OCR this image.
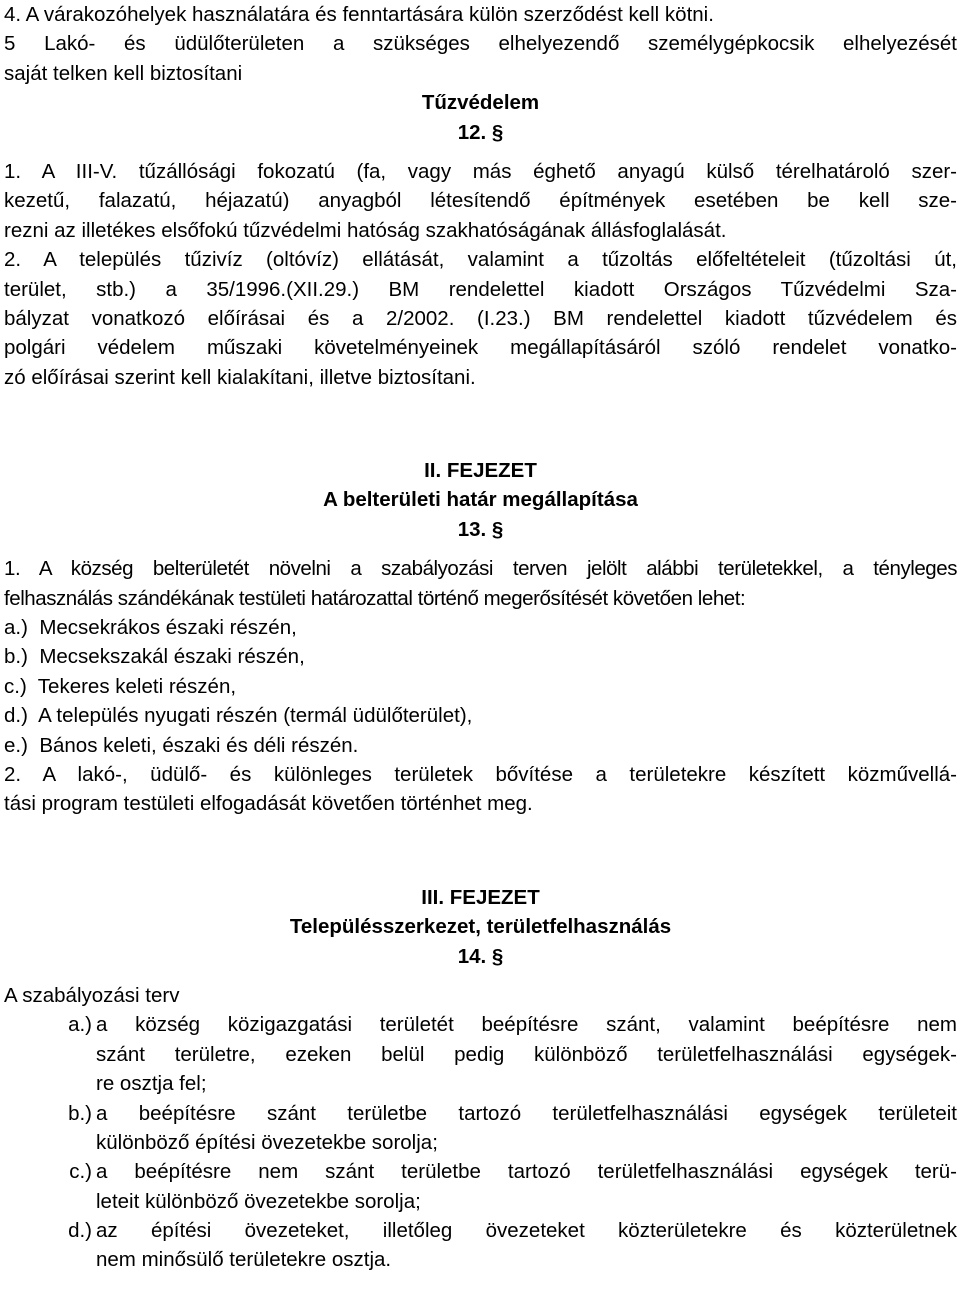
4. A várakozóhelyek használatára és fenntartására külön szerződést kell kötni.
5 Lakó- és üdülőterületen a szükséges elhelyezendő személygépkocsik elhelyezését
saját telken kell biztosítani
Tűzvédelem
12. §
1. A III-V. tűzállósági fokozatú (fa, vagy más éghető anyagú külső térelhatároló szer-
kezetű, falazatú, héjazatú) anyagból létesítendő építmények esetében be kell sze-
rezni az illetékes elsőfokú tűzvédelmi hatóság szakhatóságának állásfoglalását.
2. A település tűzivíz (oltóvíz) ellátását, valamint a tűzoltás előfeltételeit (tűzoltási út,
terület, stb.) a 35/1996.(XII.29.) BM rendelettel kiadott Országos Tűzvédelmi Sza-
bályzat vonatkozó előírásai és a 2/2002. (I.23.) BM rendelettel kiadott tűzvédelem és
polgári védelem műszaki követelményeinek megállapításáról szóló rendelet vonatko-
zó előírásai szerint kell kialakítani, illetve biztosítani.
II. FEJEZET
A belterületi határ megállapítása
13. §
1. A község belterületét növelni a szabályozási terven jelölt alábbi területekkel, a tényleges
felhasználás szándékának testületi határozattal történő megerősítését követően lehet:
a.)  Mecsekrákos északi részén,
b.)  Mecsekszakál északi részén,
c.)  Tekeres keleti részén,
d.)  A település nyugati részén (termál üdülőterület),
e.)  Bános keleti, északi és déli részén.
2. A lakó-, üdülő- és különleges területek bővítése a területekre készített közművellá-
tási program testületi elfogadását követően történhet meg.
III. FEJEZET
Településszerkezet, területfelhasználás
14. §
A szabályozási terv
a.) a község közigazgatási területét beépítésre szánt, valamint beépítésre nem
szánt területre, ezeken belül pedig különböző területfelhasználási egységek-
re osztja fel;
b.) a beépítésre szánt területbe tartozó területfelhasználási egységek területeit
különböző építési övezetekbe sorolja;
c.) a beépítésre nem szánt területbe tartozó területfelhasználási egységek terü-
leteit különböző övezetekbe sorolja;
d.) az építési övezeteket, illetőleg övezeteket közterületekre és közterületnek
nem minősülő területekre osztja.
